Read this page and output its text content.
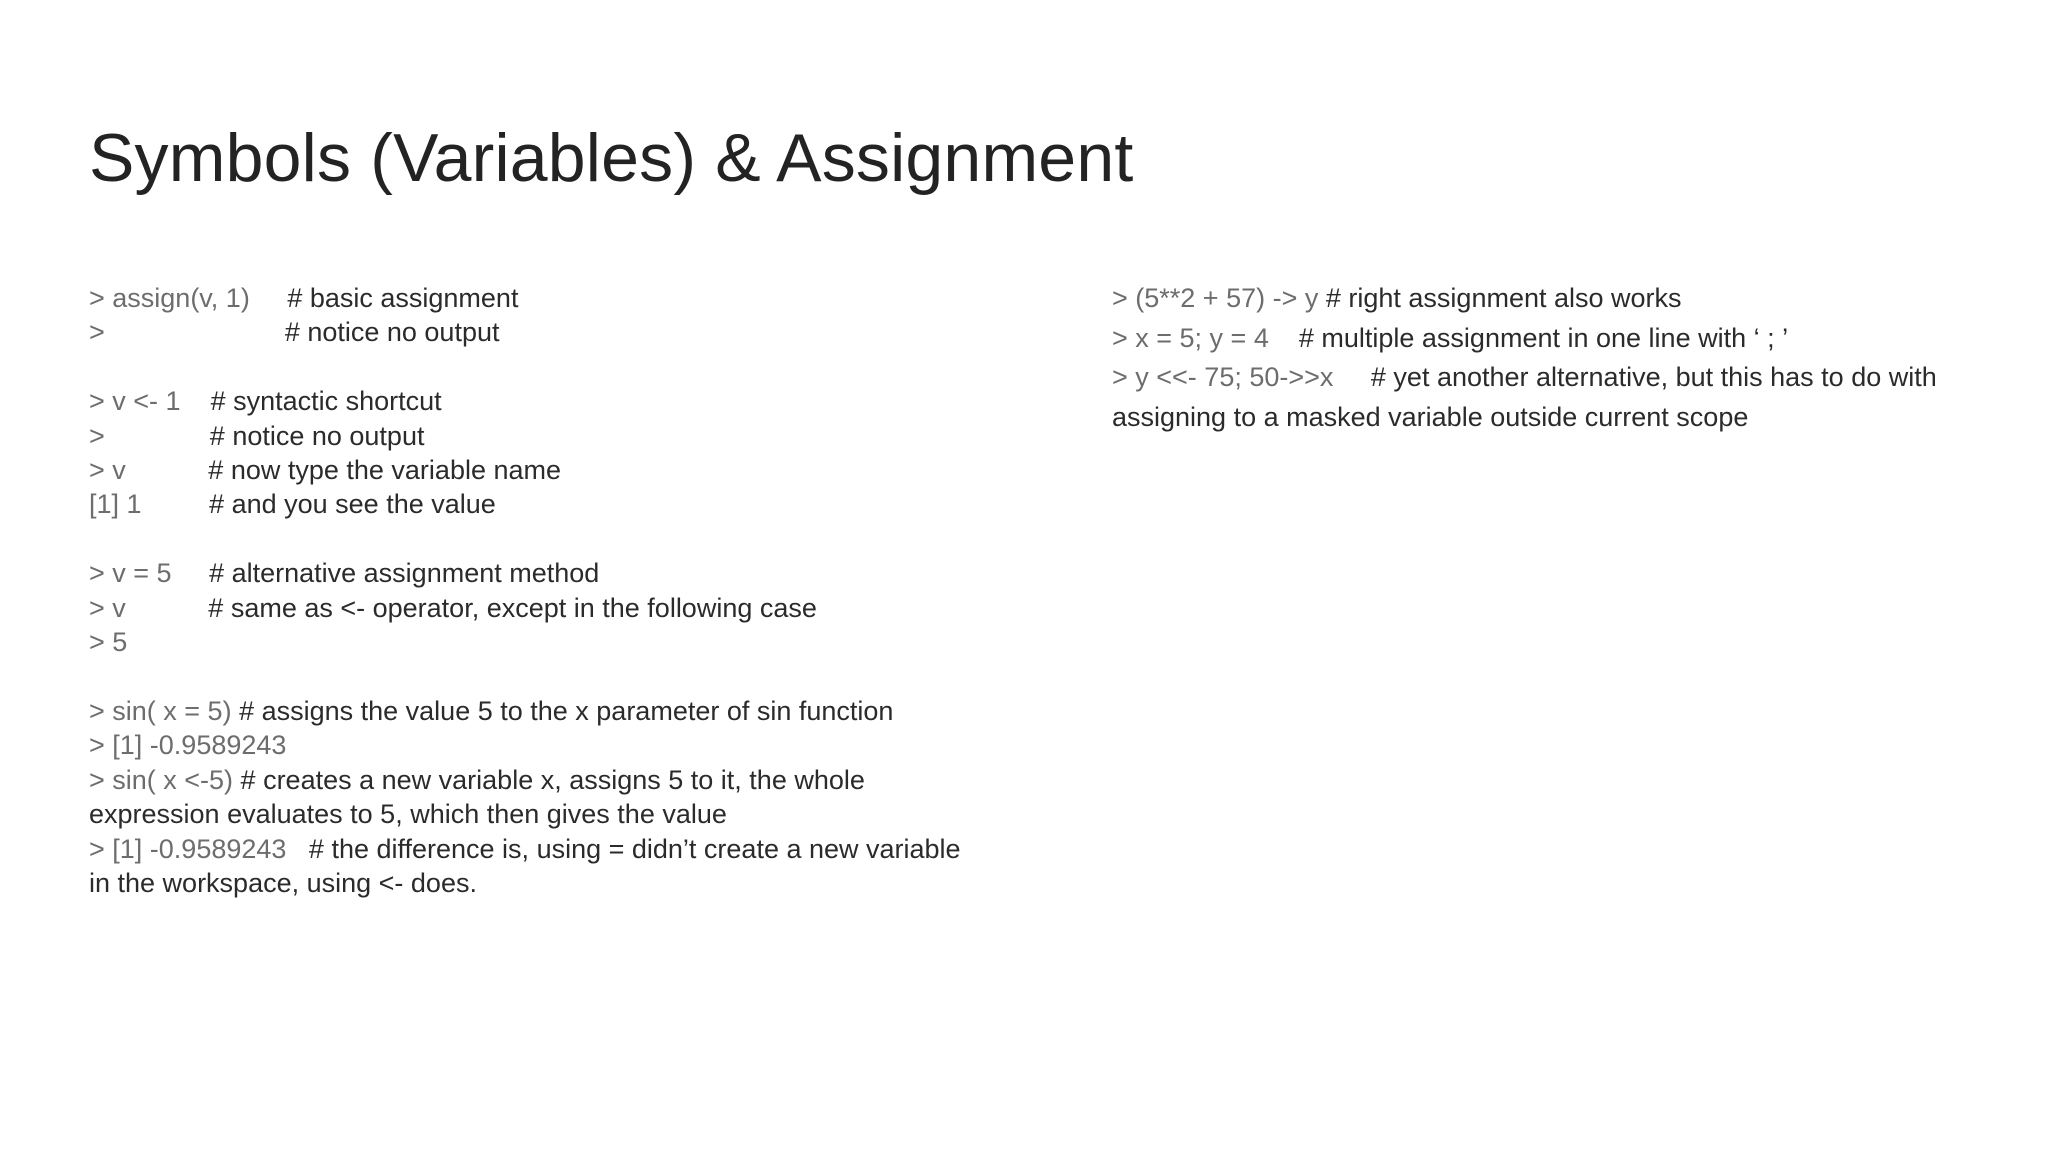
Symbols (Variables) & Assignment
> assign(v, 1)     # basic assignment
>                        # notice no output

> v <- 1    # syntactic shortcut
>              # notice no output
> v           # now type the variable name
[1] 1         # and you see the value

> v = 5     # alternative assignment method
> v           # same as <- operator, except in the following case
> 5

> sin( x = 5) # assigns the value 5 to the x parameter of sin function
> [1] -0.9589243
> sin( x <-5) # creates a new variable x, assigns 5 to it, the whole expression evaluates to 5, which then gives the value
> [1] -0.9589243   # the difference is, using = didn’t create a new variable in the workspace, using <- does.
> (5**2 + 57) -> y # right assignment also works
> x = 5; y = 4    # multiple assignment in one line with ‘ ; ’
> y <<- 75; 50->>x     # yet another alternative, but this has to do with assigning to a masked variable outside current scope
